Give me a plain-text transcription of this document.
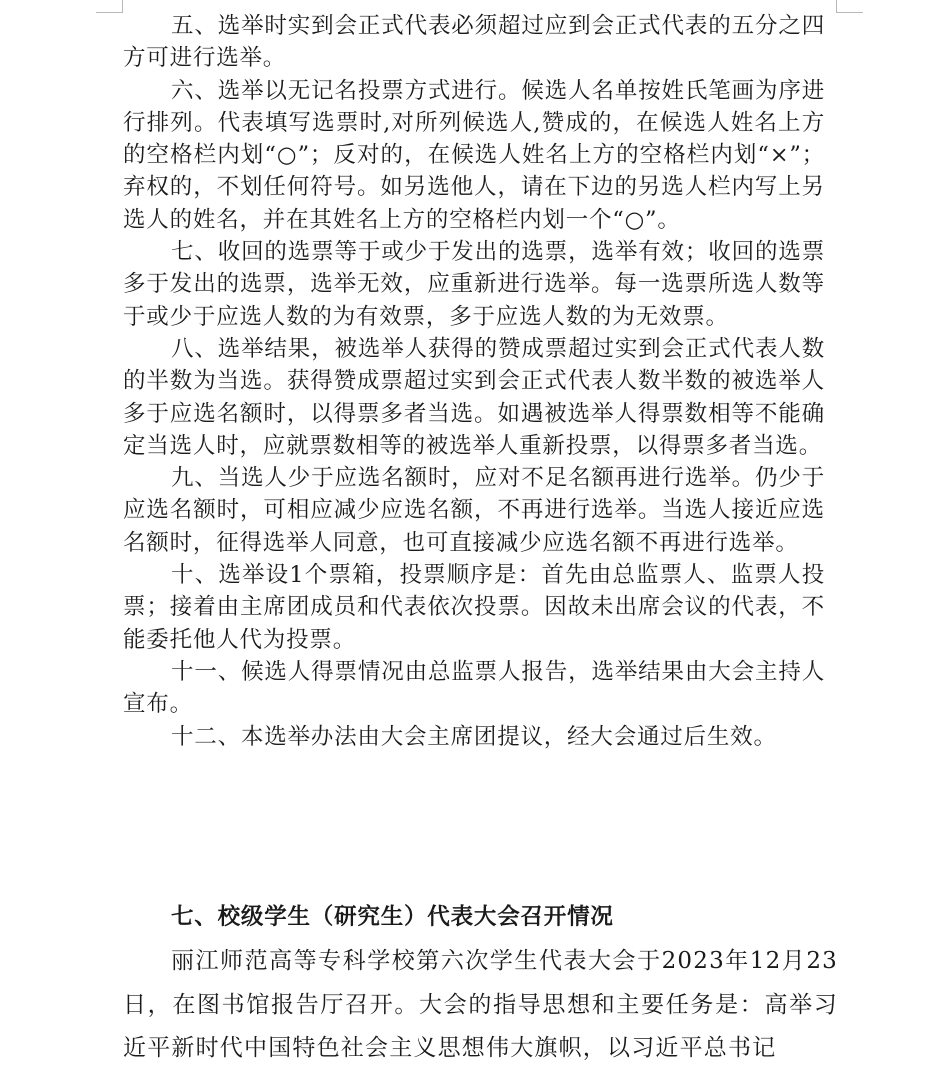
五、选举时实到会正式代表必须超过应到会正式代表的五分之四方可进行选举。

六、选举以无记名投票方式进行。候选人名单按姓氏笔画为序进行排列。代表填写选票时,对所列候选人,赞成的，在候选人姓名上方的空格栏内划“○”；反对的，在候选人姓名上方的空格栏内划“×”；弃权的，不划任何符号。如另选他人，请在下边的另选人栏内写上另选人的姓名，并在其姓名上方的空格栏内划一个“○”。

七、收回的选票等于或少于发出的选票，选举有效；收回的选票多于发出的选票，选举无效，应重新进行选举。每一选票所选人数等于或少于应选人数的为有效票，多于应选人数的为无效票。

八、选举结果，被选举人获得的赞成票超过实到会正式代表人数的半数为当选。获得赞成票超过实到会正式代表人数半数的被选举人多于应选名额时，以得票多者当选。如遇被选举人得票数相等不能确定当选人时，应就票数相等的被选举人重新投票，以得票多者当选。

九、当选人少于应选名额时，应对不足名额再进行选举。仍少于应选名额时，可相应减少应选名额，不再进行选举。当选人接近应选名额时，征得选举人同意，也可直接减少应选名额不再进行选举。

十、选举设1个票箱，投票顺序是：首先由总监票人、监票人投票；接着由主席团成员和代表依次投票。因故未出席会议的代表，不能委托他人代为投票。

十一、候选人得票情况由总监票人报告，选举结果由大会主持人宣布。

十二、本选举办法由大会主席团提议，经大会通过后生效。

七、校级学生（研究生）代表大会召开情况

丽江师范高等专科学校第六次学生代表大会于2023年12月23日，在图书馆报告厅召开。大会的指导思想和主要任务是：高举习近平新时代中国特色社会主义思想伟大旗帜，以习近平总书记
